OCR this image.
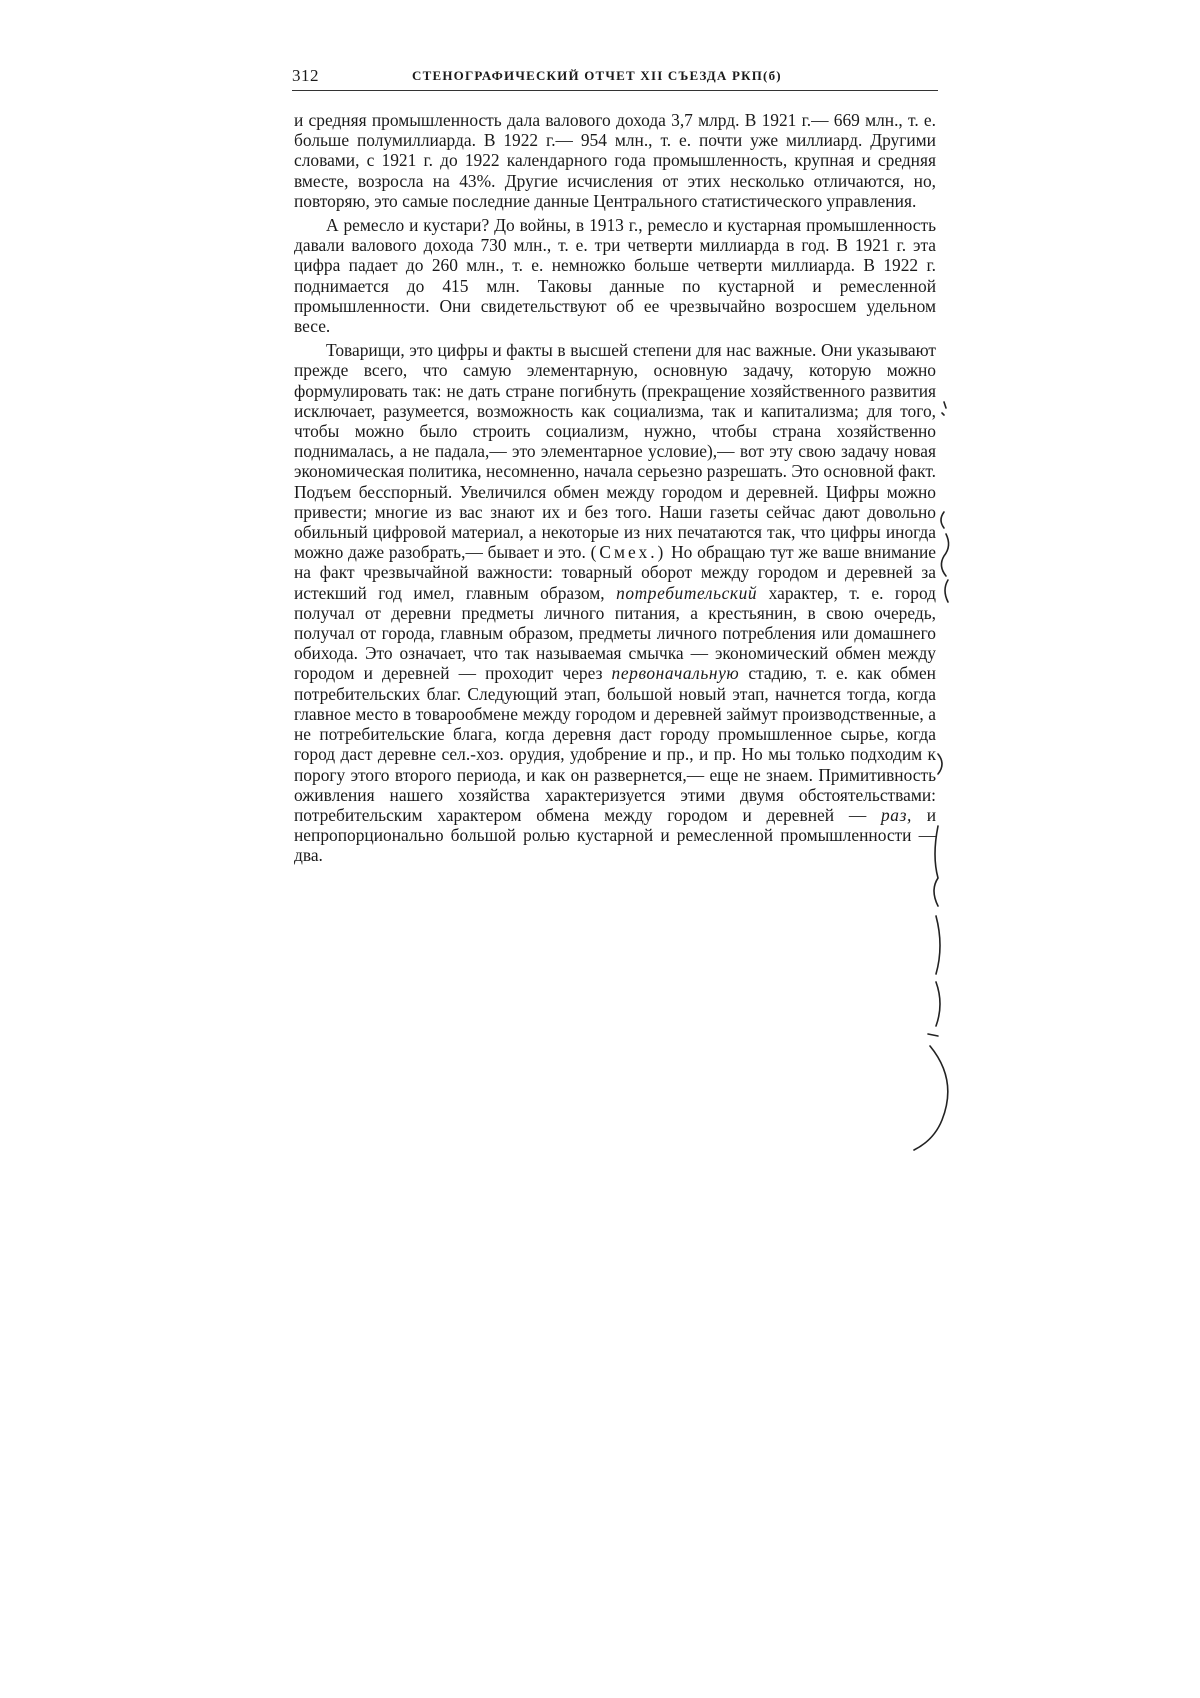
312	СТЕНОГРАФИЧЕСКИЙ ОТЧЕТ XII СЪЕЗДА РКП(б)

и средняя промышленность дала валового дохода 3,7 млрд. В 1921 г.— 669 млн., т. е. больше полумиллиарда. В 1922 г.— 954 млн., т. е. почти уже миллиард. Другими словами, с 1921 г. до 1922 календарного года промышленность, крупная и средняя вместе, возросла на 43%. Другие исчисления от этих несколько отличаются, но, повторяю, это самые последние данные Центрального статистического управления.

А ремесло и кустари? До войны, в 1913 г., ремесло и кустарная промышленность давали валового дохода 730 млн., т. е. три четверти миллиарда в год. В 1921 г. эта цифра падает до 260 млн., т. е. немножко больше четверти миллиарда. В 1922 г. поднимается до 415 млн. Таковы данные по кустарной и ремесленной промышленности. Они свидетельствуют об ее чрезвычайно возросшем удельном весе.

Товарищи, это цифры и факты в высшей степени для нас важные. Они указывают прежде всего, что самую элементарную, основную задачу, которую можно формулировать так: не дать стране погибнуть (прекращение хозяйственного развития исключает, разумеется, возможность как социализма, так и капитализма; для того, чтобы можно было строить социализм, нужно, чтобы страна хозяйственно поднималась, а не падала,— это элементарное условие),— вот эту свою задачу новая экономическая политика, несомненно, начала серьезно разрешать. Это основной факт. Подъем бесспорный. Увеличился обмен между городом и деревней. Цифры можно привести; многие из вас знают их и без того. Наши газеты сейчас дают довольно обильный цифровой материал, а некоторые из них печатаются так, что цифры иногда можно даже разобрать,— бывает и это. (Смех.) Но обращаю тут же ваше внимание на факт чрезвычайной важности: товарный оборот между городом и деревней за истекший год имел, главным образом, потребительский характер, т. е. город получал от деревни предметы личного питания, а крестьянин, в свою очередь, получал от города, главным образом, предметы личного потребления или домашнего обихода. Это означает, что так называемая смычка — экономический обмен между городом и деревней — проходит через первоначальную стадию, т. е. как обмен потребительских благ. Следующий этап, большой новый этап, начнется тогда, когда главное место в товарообмене между городом и деревней займут производственные, а не потребительские блага, когда деревня даст городу промышленное сырье, когда город даст деревне сел.-хоз. орудия, удобрение и пр., и пр. Но мы только подходим к порогу этого второго периода, и как он развернется,— еще не знаем. Примитивность оживления нашего хозяйства характеризуется этими двумя обстоятельствами: потребительским характером обмена между городом и деревней — раз, и непропорционально большой ролью кустарной и ремесленной промышленности — два.
